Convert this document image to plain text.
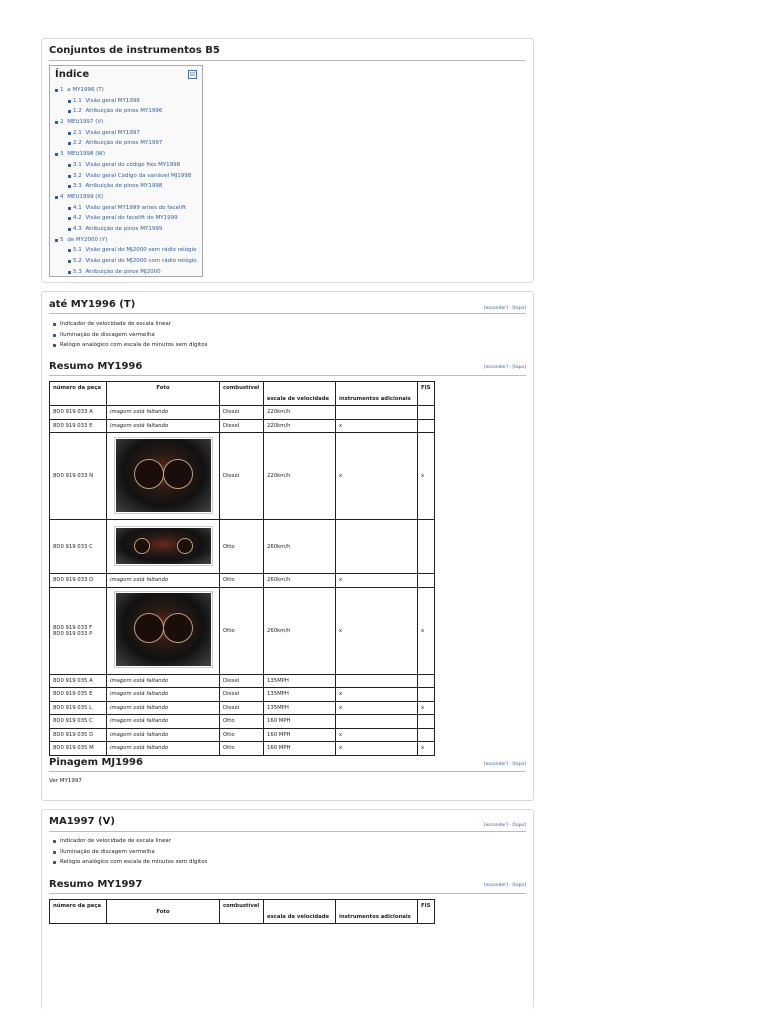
Conjuntos de instrumentos B5
Índice	⊟
1 a MY1996 (T)
1.1 Visão geral MY1996
1.2 Atribuição de pinos MY1996
2 MEU1997 (V)
2.1 Visão geral MY1997
2.2 Atribuição de pinos MY1997
3 MEU1998 (W)
3.1 Visão geral do código fixo MY1998
3.2 Visão geral Código da variável MJ1998
3.3 Atribuição de pinos MY1998
4 MEU1999 (X)
4.1 Visão geral MY1999 antes do facelift
4.2 Visão geral do facelift do MY1999
4.3 Atribuição de pinos MY1999
5 de MY2000 (Y)
5.1 Visão geral do MJ2000 sem rádio relógio
5.2 Visão geral do MJ2000 com rádio relógio
5.3 Atribuição de pinos MJ2000
até MY1996 (T)	[esconder] - [topo]
Indicador de velocidade de escala linear
Iluminação de discagem vermelha
Relógio analógico com escala de minutos sem dígitos
Resumo MY1996	[esconder] - [topo]
número da peça	Foto	combustível	escala de velocidade	instrumentos adicionais	FIS

8D0 919 033 A	imagem está faltando	Diesel	220km/h		

8D0 919 033 E	imagem está faltando	Diesel	220km/h	x	

8D0 919 033 N		Diesel	220km/h	x	x

8D0 919 033 C		Otto	260km/h		

8D0 919 033 D	imagem está faltando	Otto	260km/h	x	

8D0 919 033 F
8D0 919 033 P		Otto	260km/h	x	x

8D0 919 035 A	imagem está faltando	Diesel	135MPH		

8D0 919 035 E	imagem está faltando	Diesel	135MPH	x	

8D0 919 035 L	imagem está faltando	Diesel	135MPH	x	x

8D0 919 035 C	imagem está faltando	Otto	160 MPH		

8D0 919 035 D	imagem está faltando	Otto	160 MPH	x	

8D0 919 035 M	imagem está faltando	Otto	160 MPH	x	x
Pinagem MJ1996	[esconder] - [topo]
Ver MY1997
MA1997 (V)	[esconder] - [topo]
Indicador de velocidade de escala linear
Iluminação de discagem vermelha
Relógio analógico com escala de minutos sem dígitos
Resumo MY1997	[esconder] - [topo]
número da peça	Foto	combustível	escala de velocidade	instrumentos adicionais	FIS
